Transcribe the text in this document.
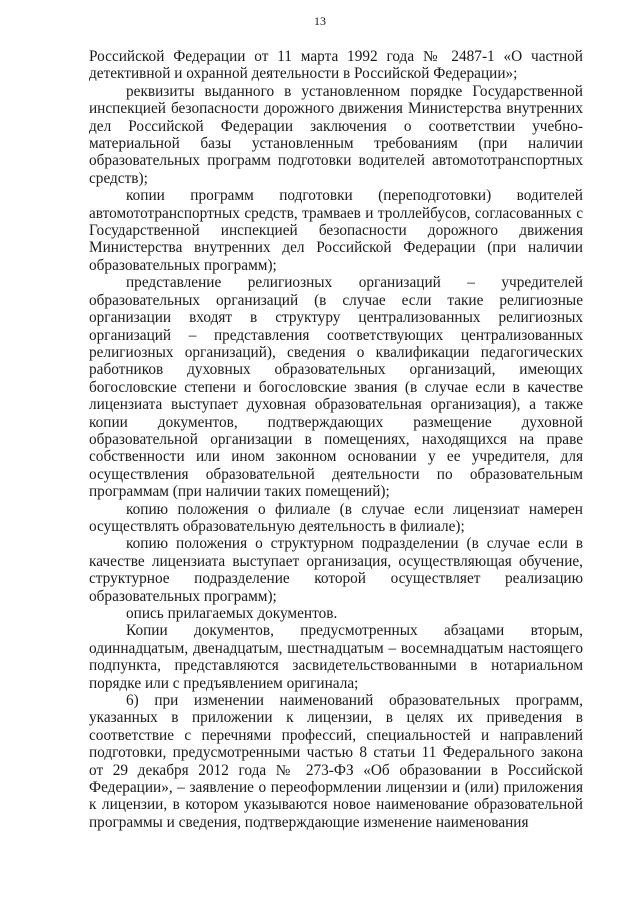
13

Российской Федерации от 11 марта 1992 года № 2487-1 «О частной детективной и охранной деятельности в Российской Федерации»;

реквизиты выданного в установленном порядке Государственной инспекцией безопасности дорожного движения Министерства внутренних дел Российской Федерации заключения о соответствии учебно-материальной базы установленным требованиям (при наличии образовательных программ подготовки водителей автомототранспортных средств);

копии программ подготовки (переподготовки) водителей автомототранспортных средств, трамваев и троллейбусов, согласованных с Государственной инспекцией безопасности дорожного движения Министерства внутренних дел Российской Федерации (при наличии образовательных программ);

представление религиозных организаций – учредителей образовательных организаций (в случае если такие религиозные организации входят в структуру централизованных религиозных организаций – представления соответствующих централизованных религиозных организаций), сведения о квалификации педагогических работников духовных образовательных организаций, имеющих богословские степени и богословские звания (в случае если в качестве лицензиата выступает духовная образовательная организация), а также копии документов, подтверждающих размещение духовной образовательной организации в помещениях, находящихся на праве собственности или ином законном основании у ее учредителя, для осуществления образовательной деятельности по образовательным программам (при наличии таких помещений);

копию положения о филиале (в случае если лицензиат намерен осуществлять образовательную деятельность в филиале);

копию положения о структурном подразделении (в случае если в качестве лицензиата выступает организация, осуществляющая обучение, структурное подразделение которой осуществляет реализацию образовательных программ);

опись прилагаемых документов.

Копии документов, предусмотренных абзацами вторым, одиннадцатым, двенадцатым, шестнадцатым – восемнадцатым настоящего подпункта, представляются засвидетельствованными в нотариальном порядке или с предъявлением оригинала;

6) при изменении наименований образовательных программ, указанных в приложении к лицензии, в целях их приведения в соответствие с перечнями профессий, специальностей и направлений подготовки, предусмотренными частью 8 статьи 11 Федерального закона от 29 декабря 2012 года № 273-ФЗ «Об образовании в Российской Федерации», – заявление о переоформлении лицензии и (или) приложения к лицензии, в котором указываются новое наименование образовательной программы и сведения, подтверждающие изменение наименования
